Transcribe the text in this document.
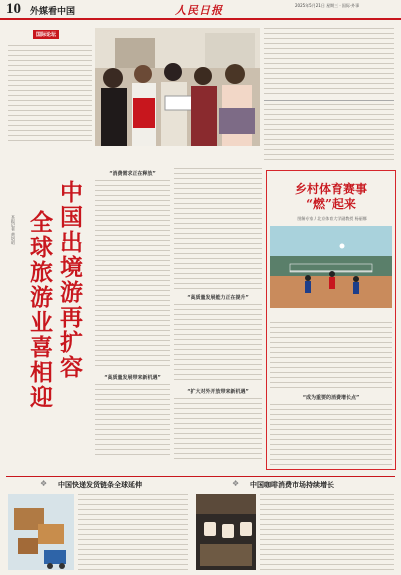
10 外媒看中国	人民日报	2025年5月21日 星期三 · 国际·外事
国际论坛
中国出境游再扩容
全球旅游业喜相迎
本报记者 黄培昭
“消费需求正在释放”
“高质量发展带来新机遇”
“高质量发展能力正在提升”
“扩大对外开放带来新机遇”
乡村体育赛事
“燃”起来
图解专家 / 北京体育大学副教授 杨丽娜
“成为重要的消费增长点”
❖ 中国快递发货链条全球延伸	❖ 中国咖啡消费市场持续增长
